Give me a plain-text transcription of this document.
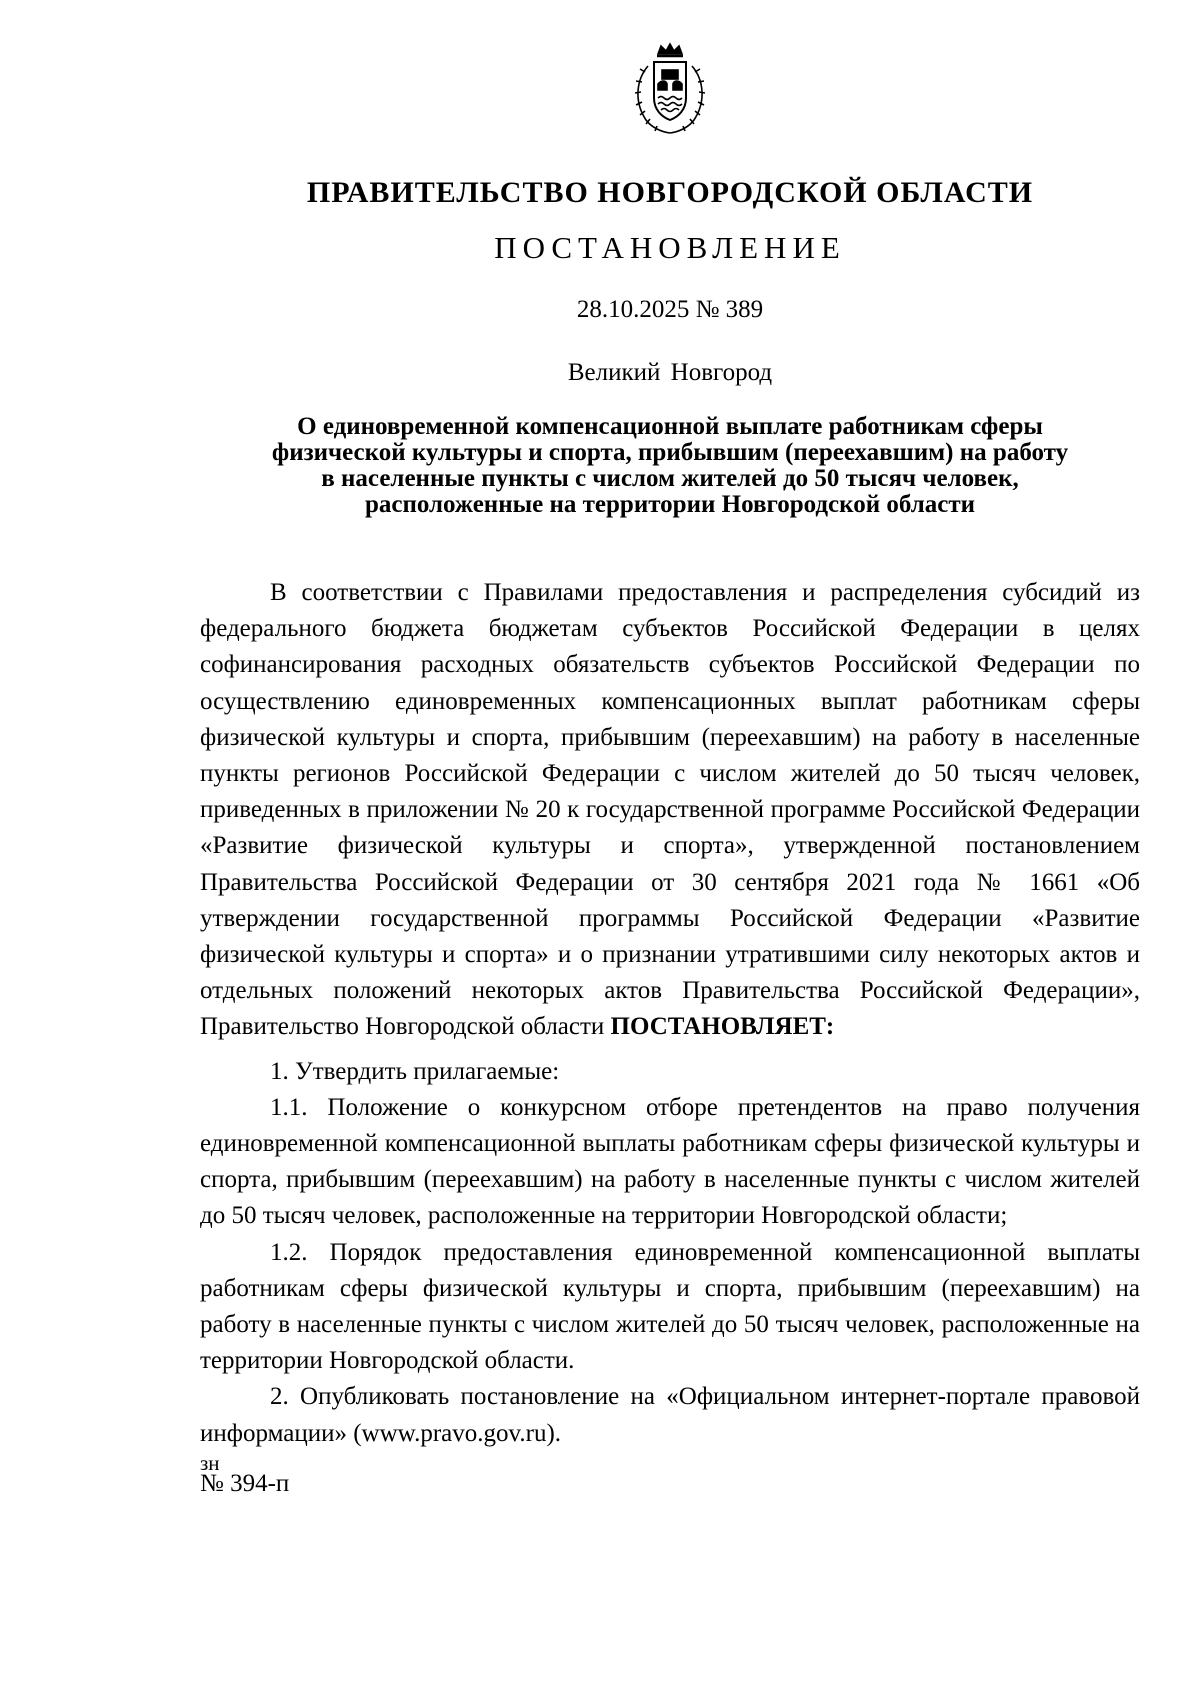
ПРАВИТЕЛЬСТВО НОВГОРОДСКОЙ ОБЛАСТИ
ПОСТАНОВЛЕНИЕ
28.10.2025 № 389
Великий Новгород
О единовременной компенсационной выплате работникам сферы
физической культуры и спорта, прибывшим (переехавшим) на работу
в населенные пункты с числом жителей до 50 тысяч человек,
расположенные на территории Новгородской области

В соответствии с Правилами предоставления и распределения субсидий из федерального бюджета бюджетам субъектов Российской Федерации в целях софинансирования расходных обязательств субъектов Российской Федерации по осуществлению единовременных компенсационных выплат работникам сферы физической культуры и спорта, прибывшим (переехавшим) на работу в населенные пункты регионов Российской Федерации с числом жителей до 50 тысяч человек, приведенных в приложении № 20 к государственной программе Российской Федерации «Развитие физической культуры и спорта», утвержденной постановлением Правительства Российской Федерации от 30 сентября 2021 года № 1661 «Об утверждении государственной программы Российской Федерации «Развитие физической культуры и спорта» и о признании утратившими силу некоторых актов и отдельных положений некоторых актов Правительства Российской Федерации», Правительство Новгородской области ПОСТАНОВЛЯЕТ:

1. Утвердить прилагаемые:

1.1. Положение о конкурсном отборе претендентов на право получения единовременной компенсационной выплаты работникам сферы физической культуры и спорта, прибывшим (переехавшим) на работу в населенные пункты с числом жителей до 50 тысяч человек, расположенные на территории Новгородской области;

1.2. Порядок предоставления единовременной компенсационной выплаты работникам сферы физической культуры и спорта, прибывшим (переехавшим) на работу в населенные пункты с числом жителей до 50 тысяч человек, расположенные на территории Новгородской области.

2. Опубликовать постановление на «Официальном интернет-портале правовой информации» (www.pravo.gov.ru).

зн
№ 394-п
